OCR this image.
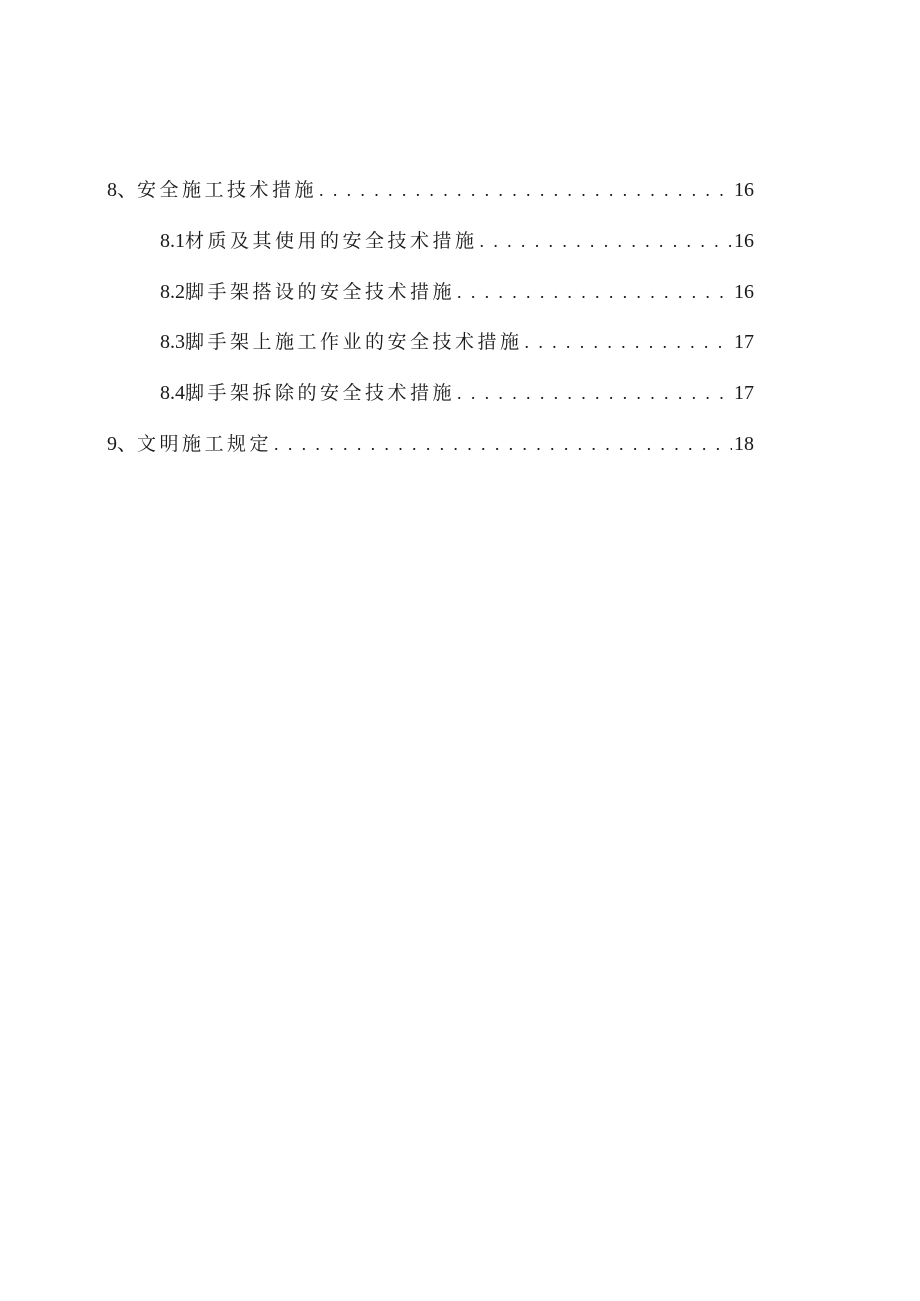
8、 安全施工技术措施 . . .	16
8.1 材质及其使用的安全技术措施 . . .	16
8.2 脚手架搭设的安全技术措施 . . .	16
8.3 脚手架上施工作业的安全技术措施 . . .	17
8.4 脚手架拆除的安全技术措施 . . .	17
9、 文明施工规定 . . .	18
